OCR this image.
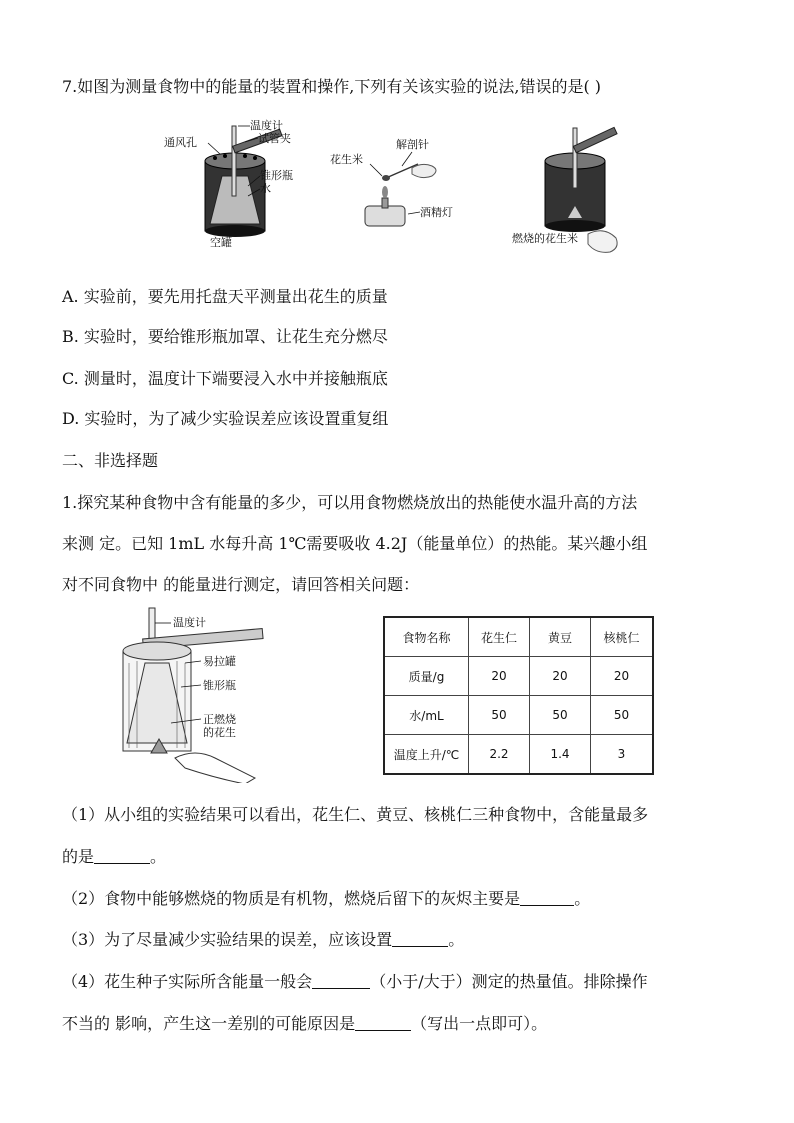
7.如图为测量食物中的能量的装置和操作,下列有关该实验的说法,错误的是( )
通风孔
温度计
试管夹
锥形瓶
水
空罐
花生米
解剖针
酒精灯
燃烧的花生米
A. 实验前，要先用托盘天平测量出花生的质量
B. 实验时，要给锥形瓶加罩、让花生充分燃尽
C. 测量时，温度计下端要浸入水中并接触瓶底
D. 实验时，为了减少实验误差应该设置重复组
二、非选择题
1.探究某种食物中含有能量的多少，可以用食物燃烧放出的热能使水温升高的方法
来测 定。已知 1mL 水每升高 1℃需要吸收 4.2J（能量单位）的热能。某兴趣小组
对不同食物中 的能量进行测定，请回答相关问题：
温度计
易拉罐
锥形瓶
正燃烧
的花生
食物名称	花生仁	黄豆	核桃仁
质量/g	20	20	20
水/mL	50	50	50
温度上升/℃	2.2	1.4	3
（1）从小组的实验结果可以看出，花生仁、黄豆、核桃仁三种食物中，含能量最多
的是	。
（2）食物中能够燃烧的物质是有机物，燃烧后留下的灰烬主要是	。
（3）为了尽量减少实验结果的误差，应该设置	。
（4）花生种子实际所含能量一般会	（小于/大于）测定的热量值。排除操作
不当的 影响，产生这一差别的可能原因是	（写出一点即可）。
